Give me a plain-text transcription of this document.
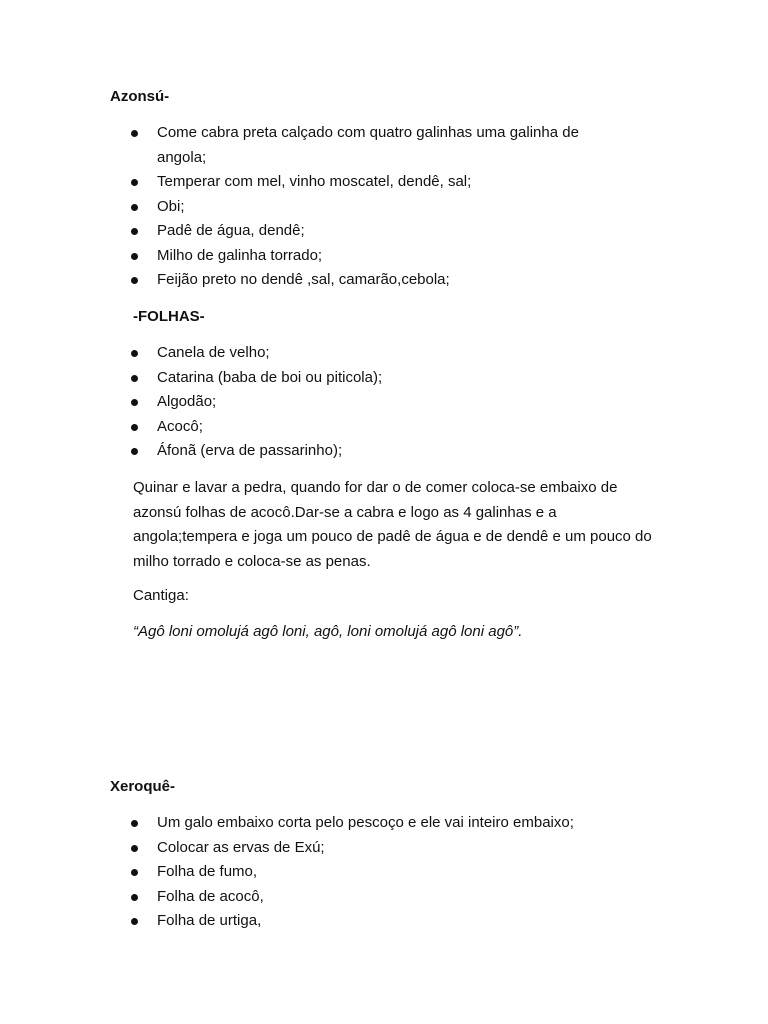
Azonsú-

Come cabra preta calçado com quatro galinhas uma galinha de angola;
Temperar com mel, vinho moscatel, dendê, sal;
Obi;
Padê de água, dendê;
Milho de galinha torrado;
Feijão preto no dendê ,sal, camarão,cebola;

-FOLHAS-

Canela de velho;
Catarina (baba de boi ou piticola);
Algodão;
Acocô;
Áfonã (erva de passarinho);

Quinar e lavar a pedra, quando for dar o de comer coloca-se embaixo de azonsú folhas de acocô.Dar-se a cabra e logo as 4 galinhas e a angola;tempera e joga um pouco de padê de água e de dendê e um pouco do milho torrado e coloca-se as penas.

Cantiga:

“Agô loni omolujá agô loni, agô, loni omolujá agô loni agô”.

Xeroquê-

Um galo embaixo corta pelo pescoço e ele vai inteiro embaixo;
Colocar as ervas de Exú;
Folha de fumo,
Folha de acocô,
Folha de urtiga,
